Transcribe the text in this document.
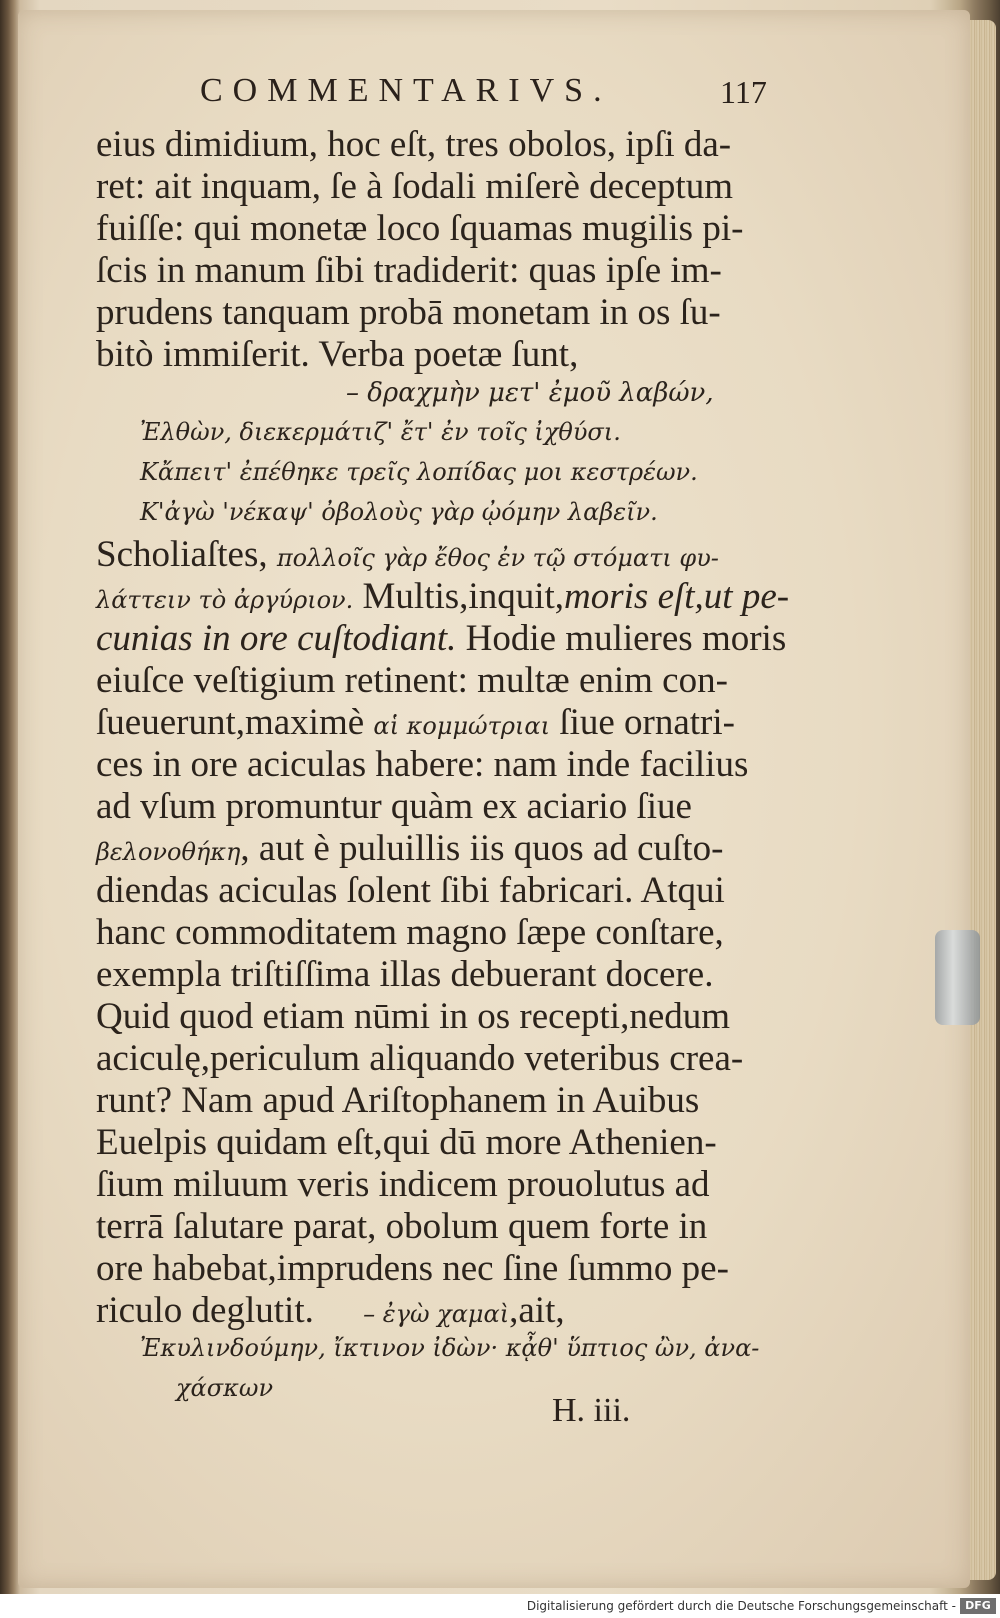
COMMENTARIVS.	117
eius dimidium, hoc eſt, tres obolos, ipſi da-
ret: ait inquam, ſe à ſodali miſerè deceptum
fuiſſe: qui monetæ loco ſquamas mugilis pi-
ſcis in manum ſibi tradiderit: quas ipſe im-
prudens tanquam probā monetam in os ſu-
bitò immiſerit. Verba poetæ ſunt,
– δραχμὴν μετ' ἐμοῦ λαβών,
Ἐλθὼν, διεκερμάτιζ' ἔτ' ἐν τοῖς ἰχθύσι.
Κἄπειτ' ἐπέθηκε τρεῖς λοπίδας μοι κεστρέων.
Κ'ἀγὼ 'νέκαψ' ὀβολοὺς γὰρ ᾠόμην λαβεῖν.
Scholiaſtes, πολλοῖς γὰρ ἔθος ἐν τῷ στόματι φυ-
λάττειν τὸ ἀργύριον. Multis,inquit,moris eſt,ut pe-
cunias in ore cuſtodiant. Hodie mulieres moris
eiuſce veſtigium retinent: multæ enim con-
ſueuerunt,maximè αἱ κομμώτριαι ſiue ornatri-
ces in ore aciculas habere: nam inde facilius
ad vſum promuntur quàm ex aciario ſiue
βελονοθήκη, aut è puluillis iis quos ad cuſto-
diendas aciculas ſolent ſibi fabricari. Atqui
hanc commoditatem magno ſæpe conſtare,
exempla triſtiſſima illas debuerant docere.
Quid quod etiam nūmi in os recepti,nedum
aciculę,periculum aliquando veteribus crea-
runt? Nam apud Ariſtophanem in Auibus
Euelpis quidam eſt,qui dū more Athenien-
ſium miluum veris indicem prouolutus ad
terrā ſalutare parat, obolum quem forte in
ore habebat,imprudens nec ſine ſummo pe-
riculo deglutit. – ἐγὼ χαμαὶ,ait,
Ἐκυλινδούμην, ἴκτινον ἰδὼν· κᾆθ' ὕπτιος ὢν, ἀνα-
χάσκων
H. iii.
Digitalisierung gefördert durch die Deutsche Forschungsgemeinschaft - DFG
